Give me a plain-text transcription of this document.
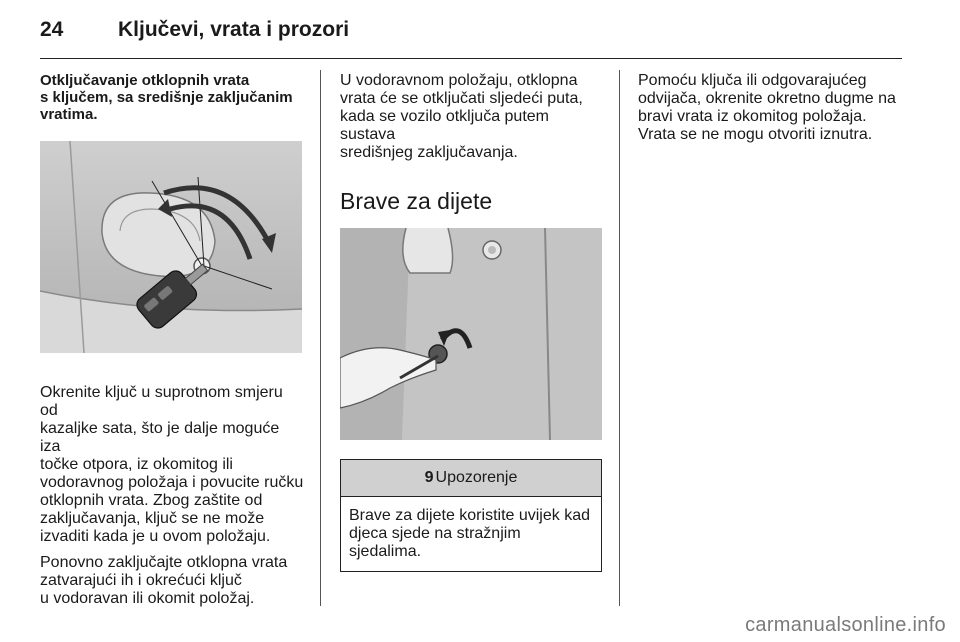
24	Ključevi, vrata i prozori
Otključavanje otklopnih vrata
s ključem, sa središnje zaključanim
vratima.

Okrenite ključ u suprotnom smjeru od
kazaljke sata, što je dalje moguće iza
točke otpora, iz okomitog ili
vodoravnog položaja i povucite ručku
otklopnih vrata. Zbog zaštite od
zaključavanja, ključ se ne može
izvaditi kada je u ovom položaju.

Ponovno zaključajte otklopna vrata
zatvarajući ih i okrećući ključ
u vodoravan ili okomit položaj.

U vodoravnom položaju, otklopna
vrata će se otključati sljedeći puta,
kada se vozilo otključa putem sustava
središnjeg zaključavanja.

Brave za dijete
9 Upozorenje
Brave za dijete koristite uvijek kad
djeca sjede na stražnjim
sjedalima.

Pomoću ključa ili odgovarajućeg
odvijača, okrenite okretno dugme na
bravi vrata iz okomitog položaja.
Vrata se ne mogu otvoriti iznutra.

carmanualsonline.info
